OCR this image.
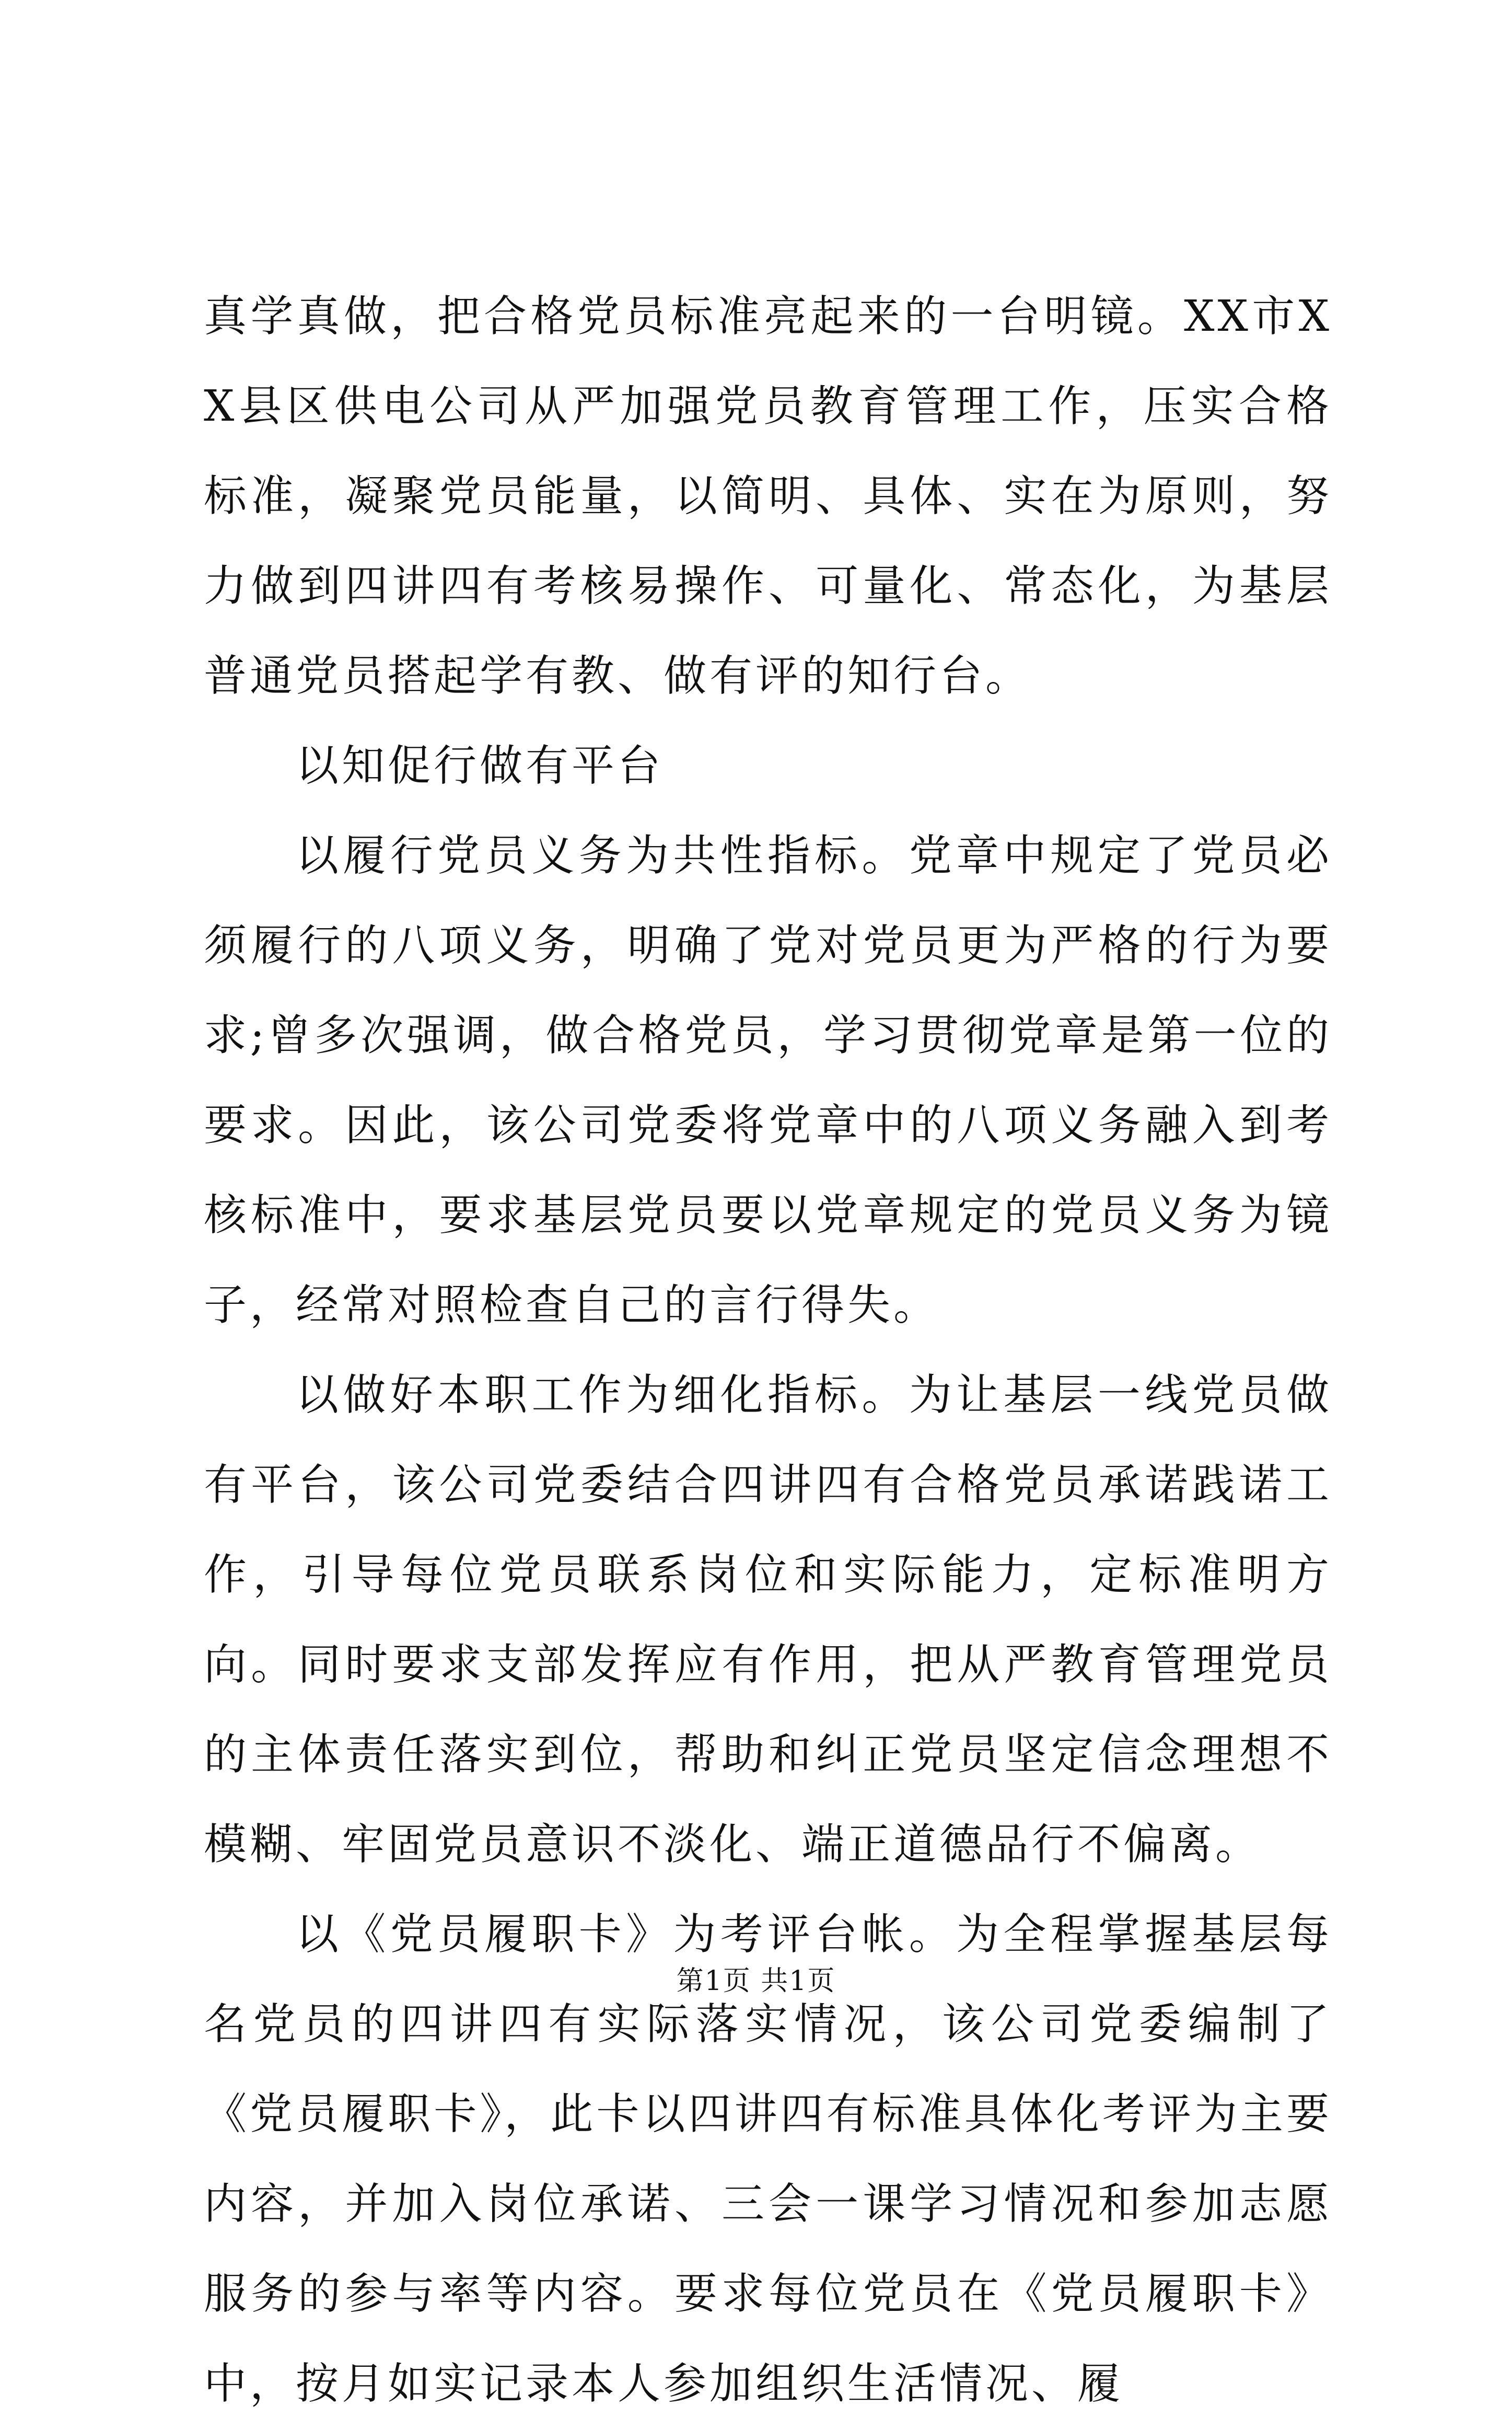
真学真做，把合格党员标准亮起来的一台明镜。XX市XX县区供电公司从严加强党员教育管理工作，压实合格标准，凝聚党员能量，以简明、具体、实在为原则，努力做到四讲四有考核易操作、可量化、常态化，为基层普通党员搭起学有教、做有评的知行台。

以知促行做有平台

以履行党员义务为共性指标。党章中规定了党员必须履行的八项义务，明确了党对党员更为严格的行为要求;曾多次强调，做合格党员，学习贯彻党章是第一位的要求。因此，该公司党委将党章中的八项义务融入到考核标准中，要求基层党员要以党章规定的党员义务为镜子，经常对照检查自己的言行得失。

以做好本职工作为细化指标。为让基层一线党员做有平台，该公司党委结合四讲四有合格党员承诺践诺工作，引导每位党员联系岗位和实际能力，定标准明方向。同时要求支部发挥应有作用，把从严教育管理党员的主体责任落实到位，帮助和纠正党员坚定信念理想不模糊、牢固党员意识不淡化、端正道德品行不偏离。

以《党员履职卡》为考评台帐。为全程掌握基层每名党员的四讲四有实际落实情况，该公司党委编制了《党员履职卡》，此卡以四讲四有标准具体化考评为主要内容，并加入岗位承诺、三会一课学习情况和参加志愿服务的参与率等内容。要求每位党员在《党员履职卡》中，按月如实记录本人参加组织生活情况、履

第1页 共1页
